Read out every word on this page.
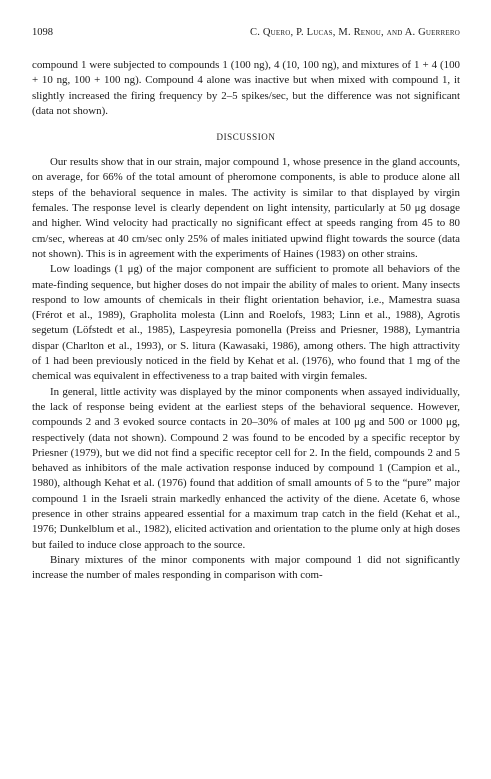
1098	C. Quero, P. Lucas, M. Renou, and A. Guerrero

compound 1 were subjected to compounds 1 (100 ng), 4 (10, 100 ng), and mixtures of 1 + 4 (100 + 10 ng, 100 + 100 ng). Compound 4 alone was inactive but when mixed with compound 1, it slightly increased the firing frequency by 2–5 spikes/sec, but the difference was not significant (data not shown).

DISCUSSION

Our results show that in our strain, major compound 1, whose presence in the gland accounts, on average, for 66% of the total amount of pheromone components, is able to produce alone all steps of the behavioral sequence in males. The activity is similar to that displayed by virgin females. The response level is clearly dependent on light intensity, particularly at 50 μg dosage and higher. Wind velocity had practically no significant effect at speeds ranging from 45 to 80 cm/sec, whereas at 40 cm/sec only 25% of males initiated upwind flight towards the source (data not shown). This is in agreement with the experiments of Haines (1983) on other strains.

Low loadings (1 μg) of the major component are sufficient to promote all behaviors of the mate-finding sequence, but higher doses do not impair the ability of males to orient. Many insects respond to low amounts of chemicals in their flight orientation behavior, i.e., Mamestra suasa (Frérot et al., 1989), Grapholita molesta (Linn and Roelofs, 1983; Linn et al., 1988), Agrotis segetum (Löfstedt et al., 1985), Laspeyresia pomonella (Preiss and Priesner, 1988), Lymantria dispar (Charlton et al., 1993), or S. litura (Kawasaki, 1986), among others. The high attractivity of 1 had been previously noticed in the field by Kehat et al. (1976), who found that 1 mg of the chemical was equivalent in effectiveness to a trap baited with virgin females.

In general, little activity was displayed by the minor components when assayed individually, the lack of response being evident at the earliest steps of the behavioral sequence. However, compounds 2 and 3 evoked source contacts in 20–30% of males at 100 μg and 500 or 1000 μg, respectively (data not shown). Compound 2 was found to be encoded by a specific receptor by Priesner (1979), but we did not find a specific receptor cell for 2. In the field, compounds 2 and 5 behaved as inhibitors of the male activation response induced by compound 1 (Campion et al., 1980), although Kehat et al. (1976) found that addition of small amounts of 5 to the “pure” major compound 1 in the Israeli strain markedly enhanced the activity of the diene. Acetate 6, whose presence in other strains appeared essential for a maximum trap catch in the field (Kehat et al., 1976; Dunkelblum et al., 1982), elicited activation and orientation to the plume only at high doses but failed to induce close approach to the source.

Binary mixtures of the minor components with major compound 1 did not significantly increase the number of males responding in comparison with com-
